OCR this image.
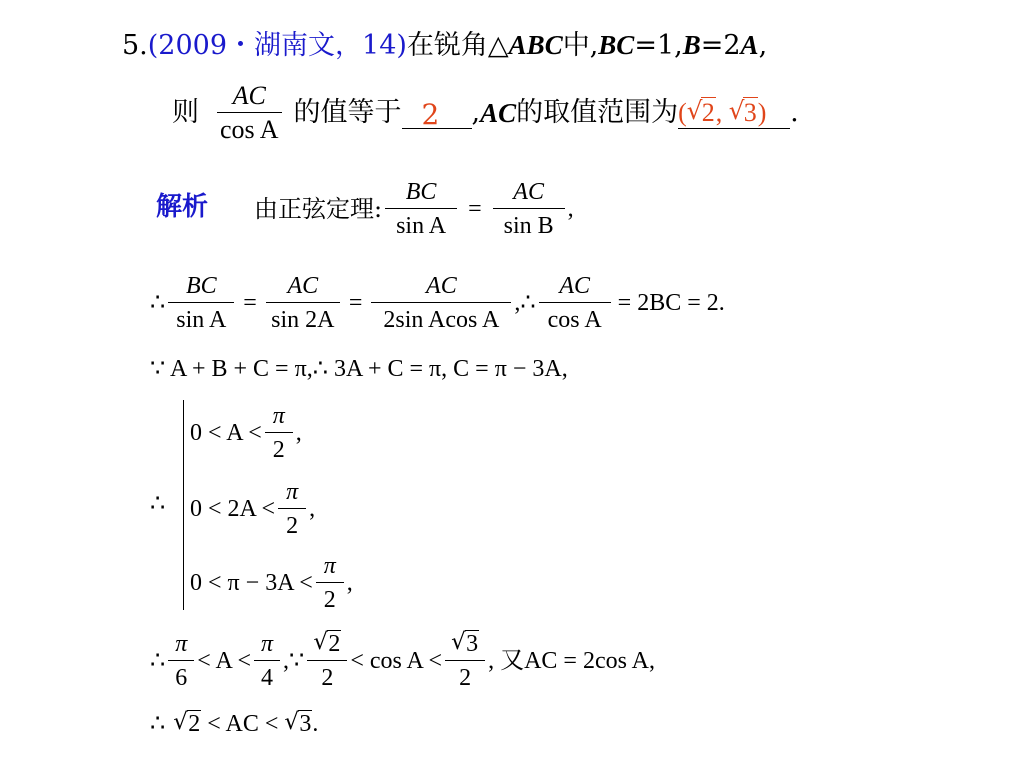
5.(2009・湖南文，14)在锐角△ABC中,BC=1,B=2A,
则 $\frac{AC}{\text{cos A}}$ 的值等于 2 , AC 的取值范围为 ( √ 2, √ 3) .
解析 由正弦定理: $\frac{BC}{\text{sin A}} = \frac{AC}{\text{sin B}}$ ,
∴ $\frac{BC}{\text{sin A}} = \frac{AC}{\sin 2A} = \frac{AC}{\text{2sin Acos A}}$ ,∴ $\frac{AC}{\text{cos A}} = 2BC = 2$.
∵ A + B + C = π,∴ 3A + C = π, C = π − 3A,
∴
$0 < A < \frac{\pi}{2}$ ,
$0 < 2A < \frac{\pi}{2}$ ,
$0 < \pi - 3A < \frac{\pi}{2}$ ,
∴ $\frac{\pi}{6} < A < \frac{\pi}{4}$ ,∵ √ $\frac{2}{2} < \cos A$ < √ $\frac{3}{2}$ , 又AC = 2cos A,
∴ √ 2 < AC < √ 3 .
